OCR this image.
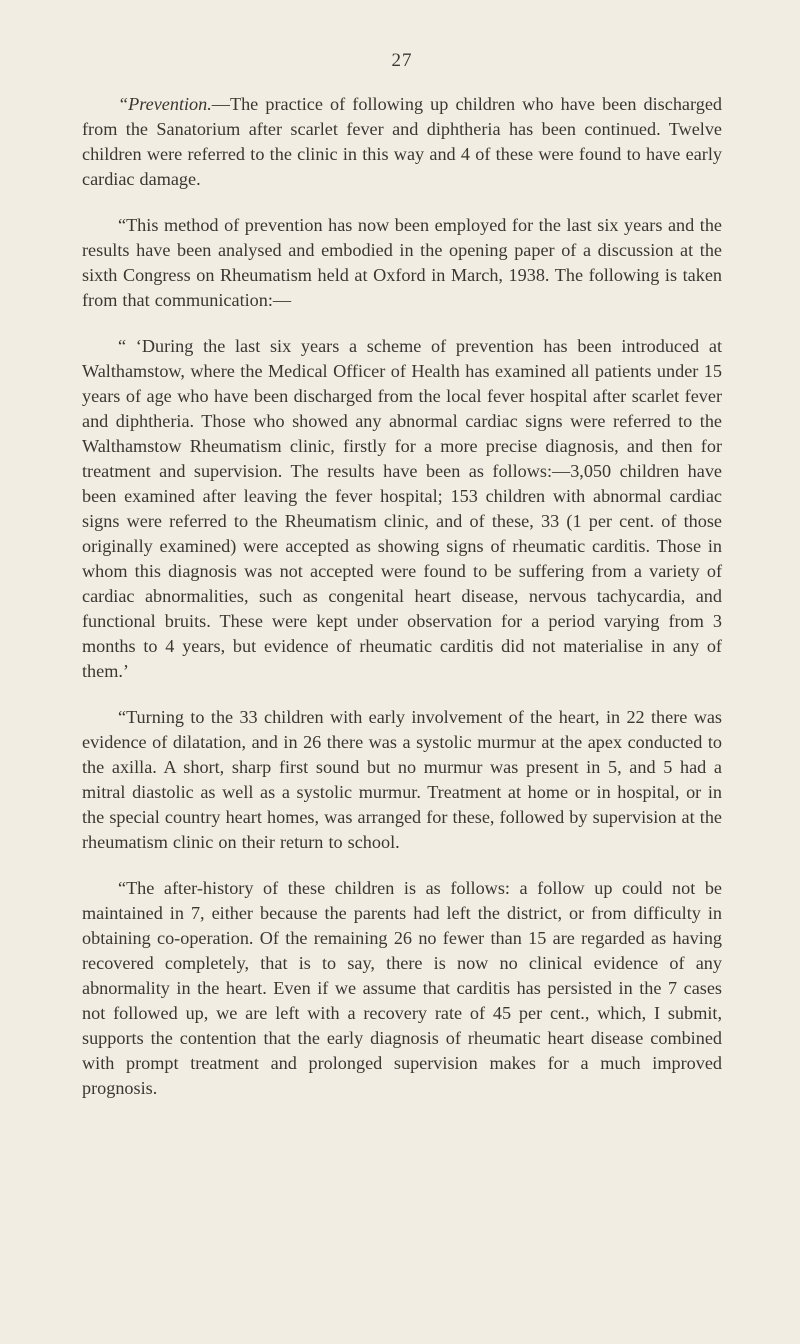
27

“Prevention.—The practice of following up children who have been discharged from the Sanatorium after scarlet fever and diphtheria has been continued. Twelve children were referred to the clinic in this way and 4 of these were found to have early cardiac damage.

“This method of prevention has now been employed for the last six years and the results have been analysed and embodied in the opening paper of a discussion at the sixth Congress on Rheumatism held at Oxford in March, 1938. The following is taken from that communication:—

“ ‘During the last six years a scheme of prevention has been introduced at Walthamstow, where the Medical Officer of Health has examined all patients under 15 years of age who have been discharged from the local fever hospital after scarlet fever and diphtheria. Those who showed any abnormal cardiac signs were referred to the Walthamstow Rheumatism clinic, firstly for a more precise diagnosis, and then for treatment and supervision. The results have been as follows:—3,050 children have been examined after leaving the fever hospital; 153 children with abnormal cardiac signs were referred to the Rheumatism clinic, and of these, 33 (1 per cent. of those originally examined) were accepted as showing signs of rheumatic carditis. Those in whom this diagnosis was not accepted were found to be suffering from a variety of cardiac abnormalities, such as congenital heart disease, nervous tachycardia, and functional bruits. These were kept under observation for a period varying from 3 months to 4 years, but evidence of rheumatic carditis did not materialise in any of them.’

“Turning to the 33 children with early involvement of the heart, in 22 there was evidence of dilatation, and in 26 there was a systolic murmur at the apex conducted to the axilla. A short, sharp first sound but no murmur was present in 5, and 5 had a mitral diastolic as well as a systolic murmur. Treatment at home or in hospital, or in the special country heart homes, was arranged for these, followed by supervision at the rheumatism clinic on their return to school.

“The after-history of these children is as follows: a follow up could not be maintained in 7, either because the parents had left the district, or from difficulty in obtaining co-operation. Of the remaining 26 no fewer than 15 are regarded as having recovered completely, that is to say, there is now no clinical evidence of any abnormality in the heart. Even if we assume that carditis has persisted in the 7 cases not followed up, we are left with a recovery rate of 45 per cent., which, I submit, supports the contention that the early diagnosis of rheumatic heart disease combined with prompt treatment and prolonged supervision makes for a much improved prognosis.
